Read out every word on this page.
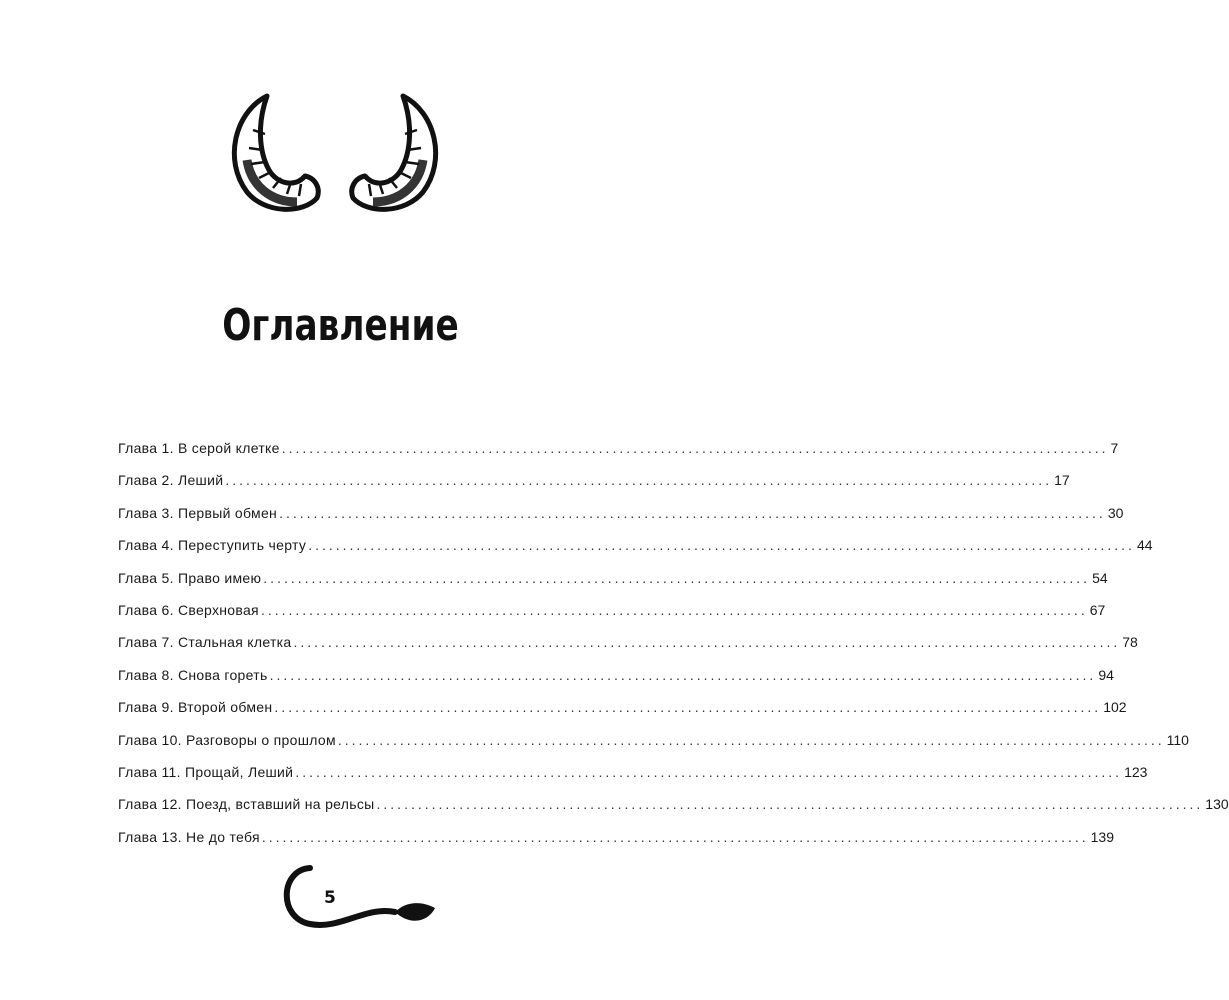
Оглавление
Глава 1. В серой клетке ........................................................................................................................ 7
Глава 2. Леший ........................................................................................................................ 17
Глава 3. Первый обмен ........................................................................................................................ 30
Глава 4. Переступить черту ........................................................................................................................ 44
Глава 5. Право имею ........................................................................................................................ 54
Глава 6. Сверхновая ........................................................................................................................ 67
Глава 7. Стальная клетка ........................................................................................................................ 78
Глава 8. Снова гореть ........................................................................................................................ 94
Глава 9. Второй обмен ........................................................................................................................ 102
Глава 10. Разговоры о прошлом ........................................................................................................................ 110
Глава 11. Прощай, Леший ........................................................................................................................ 123
Глава 12. Поезд, вставший на рельсы ........................................................................................................................ 130
Глава 13. Не до тебя ........................................................................................................................ 139
5
